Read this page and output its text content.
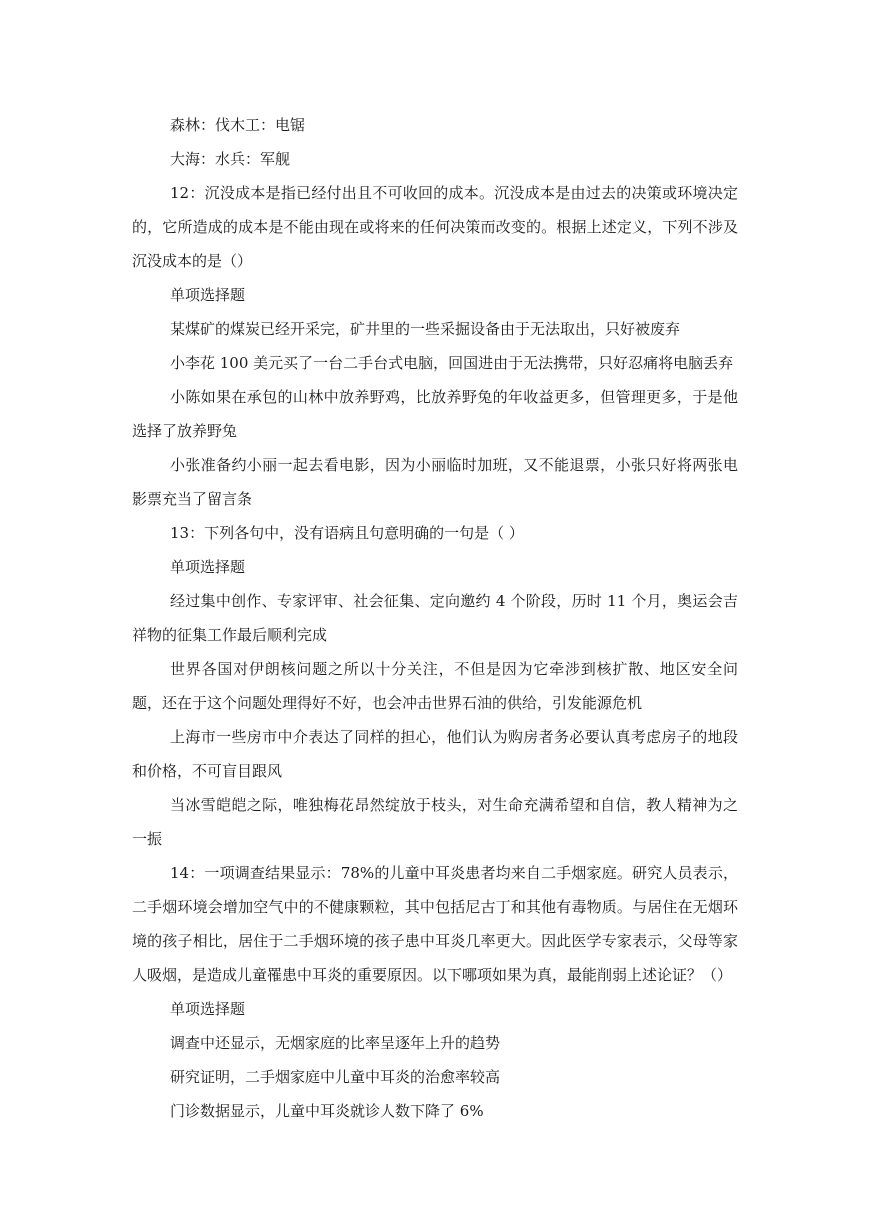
森林：伐木工：电锯

大海：水兵：军舰

12：沉没成本是指已经付出且不可收回的成本。沉没成本是由过去的决策或环境决定的，它所造成的成本是不能由现在或将来的任何决策而改变的。根据上述定义，下列不涉及沉没成本的是（）

单项选择题

某煤矿的煤炭已经开采完，矿井里的一些采掘设备由于无法取出，只好被废弃

小李花 100 美元买了一台二手台式电脑，回国进由于无法携带，只好忍痛将电脑丢弃

小陈如果在承包的山林中放养野鸡，比放养野兔的年收益更多，但管理更多，于是他选择了放养野兔

小张准备约小丽一起去看电影，因为小丽临时加班，又不能退票，小张只好将两张电影票充当了留言条

13：下列各句中，没有语病且句意明确的一句是（ ）

单项选择题

经过集中创作、专家评审、社会征集、定向邀约 4 个阶段，历时 11 个月，奥运会吉祥物的征集工作最后顺利完成

世界各国对伊朗核问题之所以十分关注，不但是因为它牵涉到核扩散、地区安全问题，还在于这个问题处理得好不好，也会冲击世界石油的供给，引发能源危机

上海市一些房市中介表达了同样的担心，他们认为购房者务必要认真考虑房子的地段和价格，不可盲目跟风

当冰雪皑皑之际，唯独梅花昂然绽放于枝头，对生命充满希望和自信，教人精神为之一振

14：一项调查结果显示：78%的儿童中耳炎患者均来自二手烟家庭。研究人员表示，二手烟环境会增加空气中的不健康颗粒，其中包括尼古丁和其他有毒物质。与居住在无烟环境的孩子相比，居住于二手烟环境的孩子患中耳炎几率更大。因此医学专家表示，父母等家人吸烟，是造成儿童罹患中耳炎的重要原因。以下哪项如果为真，最能削弱上述论证？（）

单项选择题

调查中还显示，无烟家庭的比率呈逐年上升的趋势

研究证明，二手烟家庭中儿童中耳炎的治愈率较高

门诊数据显示，儿童中耳炎就诊人数下降了 6%
